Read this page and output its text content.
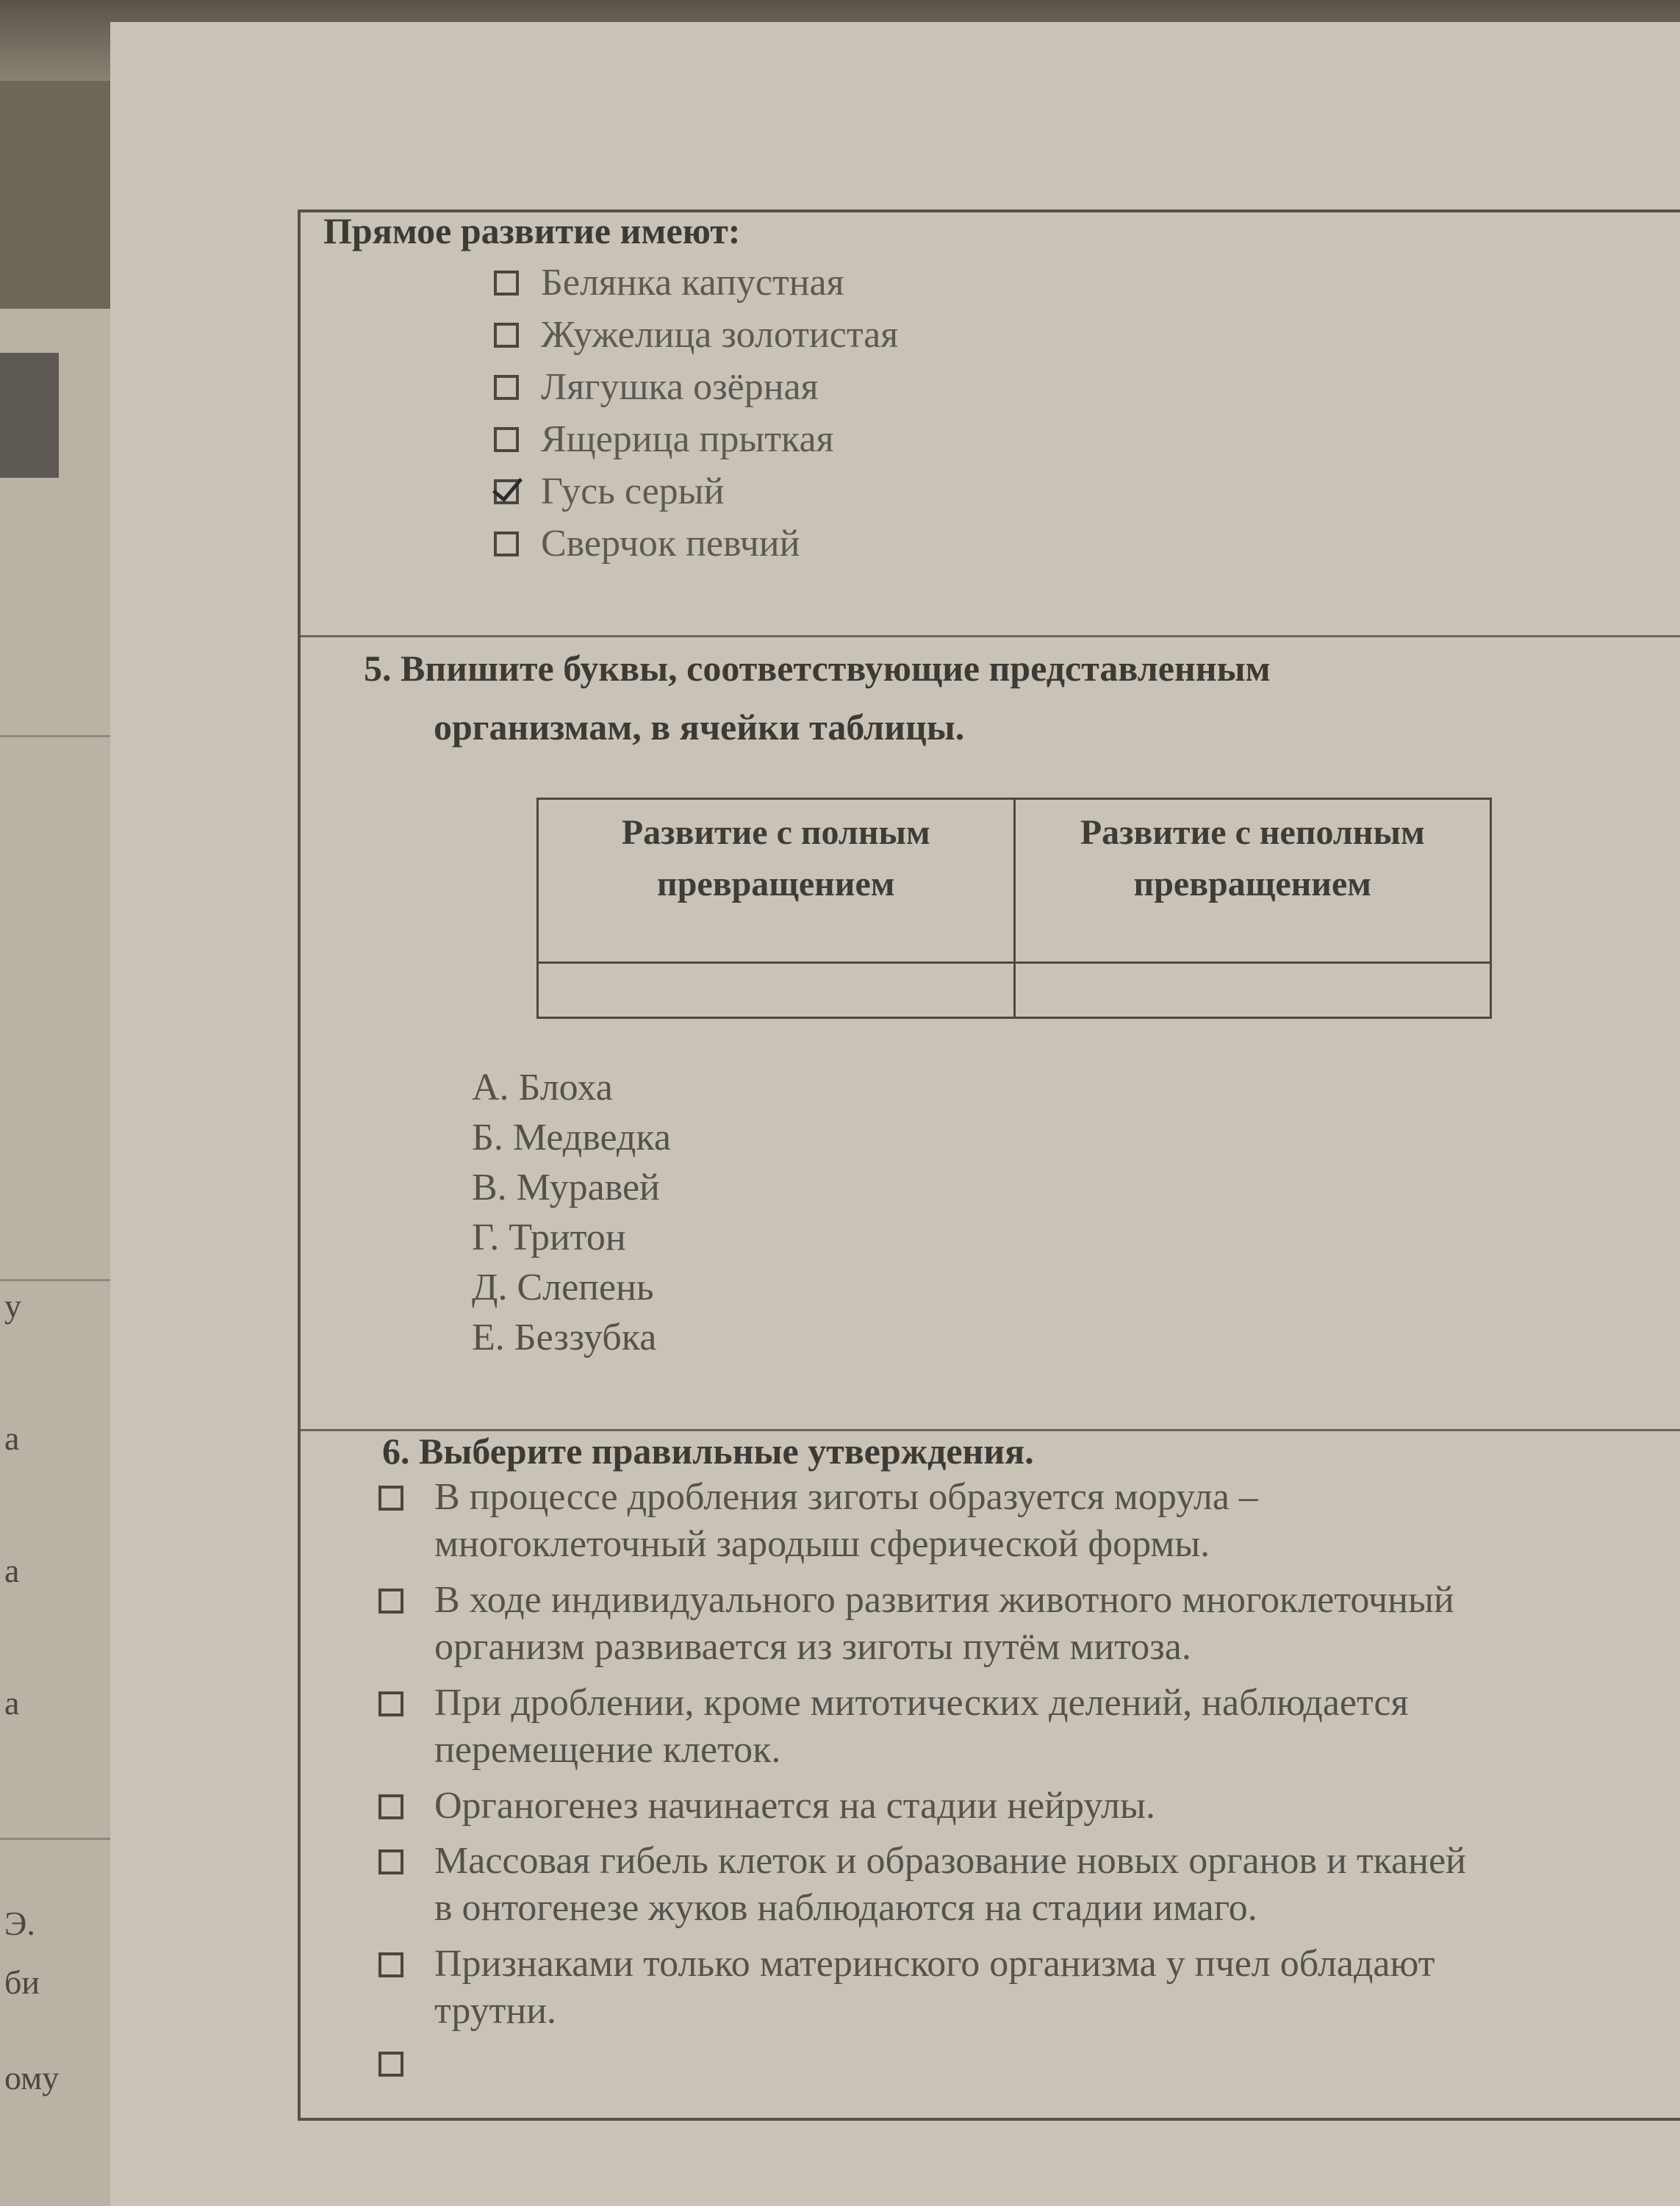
у
а
а
а
Э.
би
ому
Прямое развитие имеют:
Белянка капустная
Жужелица золотистая
Лягушка озёрная
Ящерица прыткая
Гусь серый
Сверчок певчий
5. Впишите буквы, соответствующие представленным
организмам, в ячейки таблицы.
Развитие с полным превращением	Развитие с неполным превращением

А. Блоха
Б. Медведка
В. Муравей
Г. Тритон
Д. Слепень
Е. Беззубка
6. Выберите правильные утверждения.
В процессе дробления зиготы образуется морула –
многоклеточный зародыш сферической формы.
В ходе индивидуального развития животного многоклеточный
организм развивается из зиготы путём митоза.
При дроблении, кроме митотических делений, наблюдается
перемещение клеток.
Органогенез начинается на стадии нейрулы.
Массовая гибель клеток и образование новых органов и тканей
в онтогенезе жуков наблюдаются на стадии имаго.
Признаками только материнского организма у пчел обладают
трутни.
